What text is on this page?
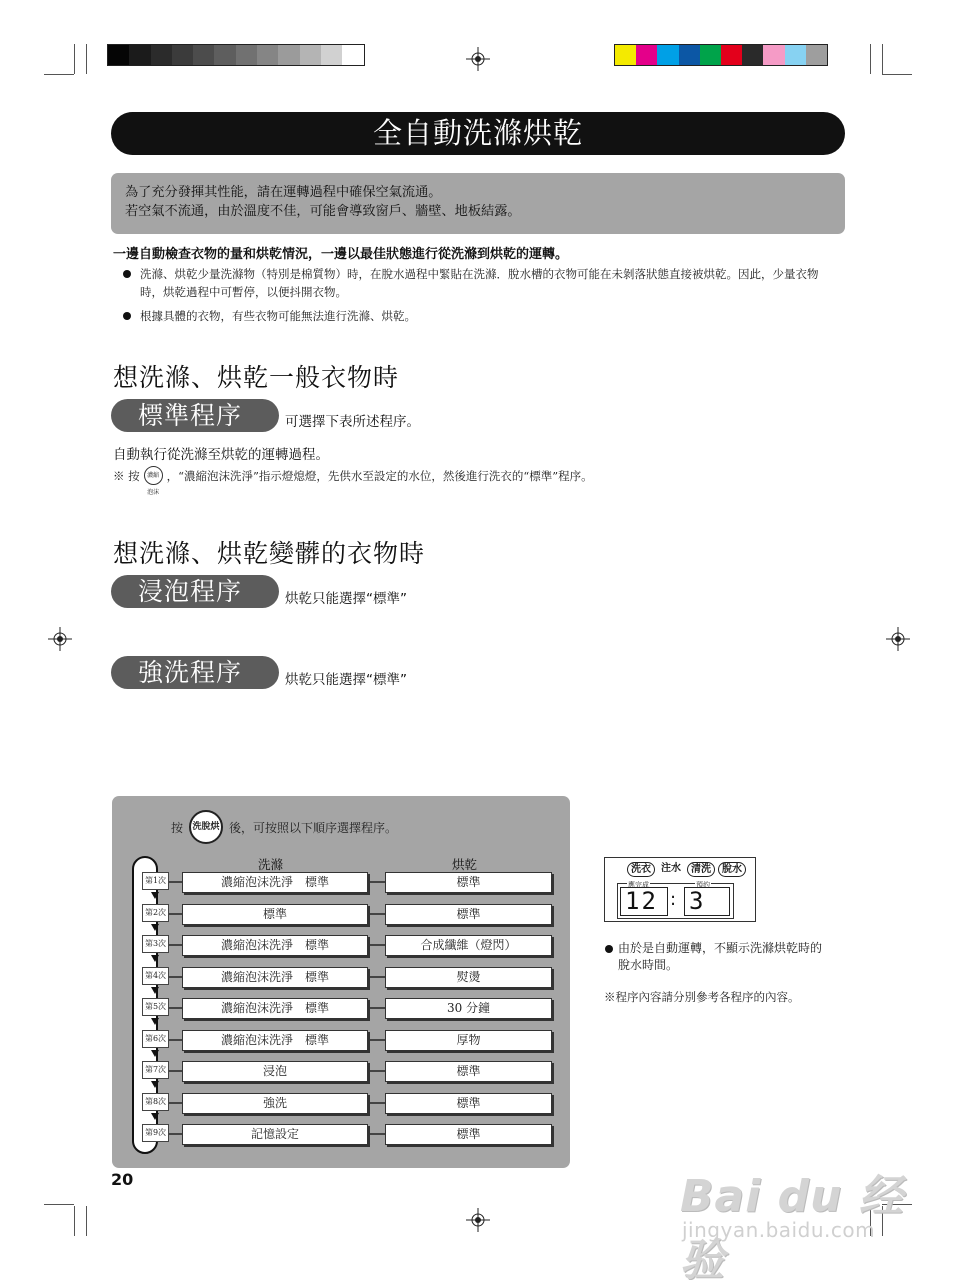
全自動洗滌烘乾
為了充分發揮其性能，請在運轉過程中確保空氣流通。
若空氣不流通，由於溫度不佳，可能會導致窗戶、牆壁、地板結露。
一邊自動檢查衣物的量和烘乾情況，一邊以最佳狀態進行從洗滌到烘乾的運轉。
洗滌、烘乾少量洗滌物（特別是棉質物）時，在脫水過程中緊貼在洗滌．脫水槽的衣物可能在未剝落狀態直接被烘乾。因此，少量衣物時，烘乾過程中可暫停，以便抖開衣物。
根據具體的衣物，有些衣物可能無法進行洗滌、烘乾。
想洗滌、烘乾一般衣物時
標準程序	可選擇下表所述程序。
自動執行從洗滌至烘乾的運轉過程。
※ 按	濃縮泡沫
，“濃縮泡沫洗淨”指示燈熄燈，先供水至設定的水位，然後進行洗衣的“標準”程序。
想洗滌、烘乾變髒的衣物時
浸泡程序	烘乾只能選擇“標準”
強洗程序	烘乾只能選擇“標準”
按	洗脫烘 後，可按照以下順序選擇程序。
洗滌	烘乾
第1次	濃縮泡沫洗淨　標準	標準
第2次	標準	標準
第3次	濃縮泡沫洗淨　標準	合成纖維（燈閃）
第4次	濃縮泡沫洗淨　標準	熨燙
第5次	濃縮泡沫洗淨　標準	30 分鐘
第6次	濃縮泡沫洗淨　標準	厚物
第7次	浸泡	標準
第8次	強洗	標準
第9次	記憶設定	標準
洗衣	注水	清洗	脫水
應完成	預約
12 : 3
由於是自動運轉，不顯示洗滌烘乾時的脫水時間。
※程序內容請分別參考各程序的內容。
20	Bai du 经验
jingyan.baidu.com
